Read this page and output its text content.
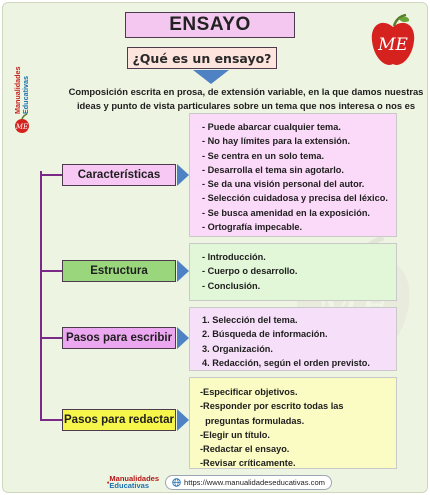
ENSAYO
ME
ME
Manualidades Educativas
¿Qué es un ensayo?
Composición escrita en prosa, de extensión variable, en la que damos nuestras ideas y punto de vista particulares sobre un tema que nos interesa o nos es
- Puede abarcar cualquier tema.
- No hay límites para la extensión.
- Se centra en un solo tema.
- Desarrolla el tema sin agotarlo.
- Se da una visión personal del autor.
- Selección cuidadosa y precisa del léxico.
- Se busca amenidad en la exposición.
- Ortografía impecable.
Características
- Introducción.
- Cuerpo o desarrollo.
- Conclusión.
Estructura
1. Selección del tema.
2. Búsqueda de información.
3. Organización.
4. Redacción, según el orden previsto.
Pasos para escribir
-Especificar objetivos.
-Responder por escrito todas las
preguntas formuladas.
-Elegir un título.
-Redactar el ensayo.
-Revisar críticamente.
Pasos para redactar
Manualidades
Educativas	https://www.manualidadeseducativas.com
